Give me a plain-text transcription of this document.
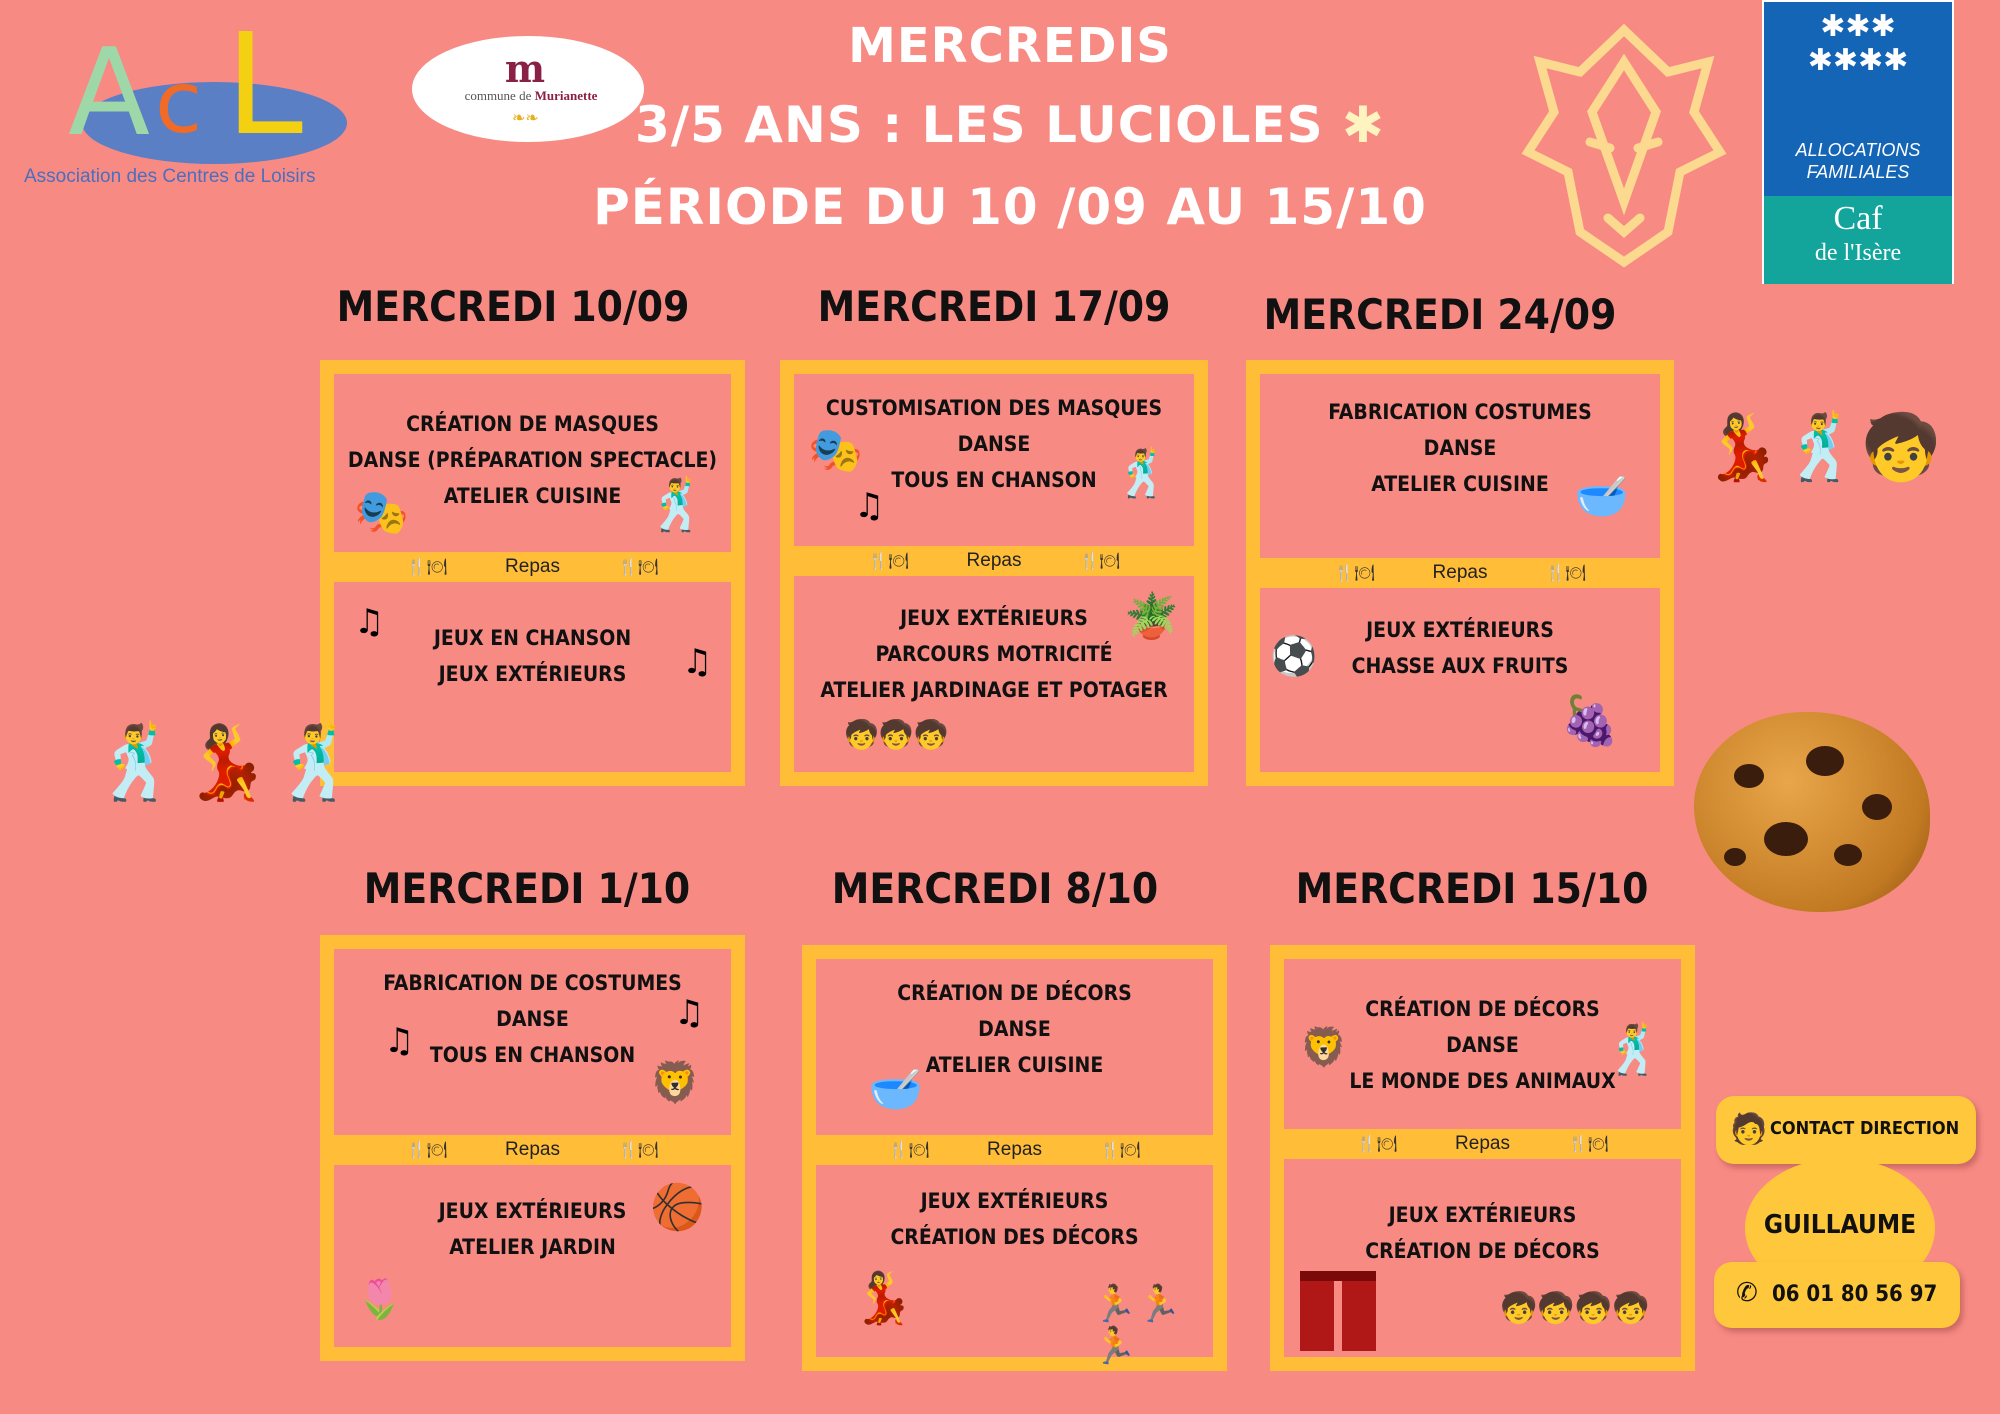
A c L
Association des Centres de Loisirs
m
commune de Murianette
❧❧
✱✱✱
✱✱✱✱
ALLOCATIONS
FAMILIALES
Caf
de l'Isère
MERCREDIS
3/5 ANS : LES LUCIOLES ✱
PÉRIODE DU 10 /09 AU 15/10
MERCREDI 10/09
CRÉATION DE MASQUES
DANSE (PRÉPARATION SPECTACLE)
ATELIER CUISINE
🎭	🕺
🍴🍽	Repas	🍴🍽
JEUX EN CHANSON
JEUX EXTÉRIEURS
♫
♫
MERCREDI 17/09
CUSTOMISATION DES MASQUES
DANSE
TOUS EN CHANSON
🎭
♫
🕺
🍴🍽	Repas	🍴🍽
JEUX EXTÉRIEURS
PARCOURS MOTRICITÉ
ATELIER JARDINAGE ET POTAGER
🪴
🧒🧒🧒
MERCREDI 24/09
FABRICATION COSTUMES
DANSE
ATELIER CUISINE 🥣
🍴🍽	Repas	🍴🍽
JEUX EXTÉRIEURS
CHASSE AUX FRUITS
⚽
🍇
MERCREDI 1/10
FABRICATION DE COSTUMES
DANSE
TOUS EN CHANSON
♫
♫
🦁
🍴🍽	Repas	🍴🍽
JEUX EXTÉRIEURS
ATELIER JARDIN
🏀
🌷
MERCREDI 8/10
CRÉATION DE DÉCORS
DANSE
ATELIER CUISINE
🥣
🍴🍽	Repas	🍴🍽
JEUX EXTÉRIEURS
CRÉATION DES DÉCORS
💃	🏃🏃🏃
MERCREDI 15/10
CRÉATION DE DÉCORS
DANSE
LE MONDE DES ANIMAUX
🦁	🕺
🍴🍽	Repas	🍴🍽
JEUX EXTÉRIEURS
CRÉATION DE DÉCORS
🧒🧒🧒🧒
🕺💃🕺
💃🕺🧒
🧑 CONTACT DIRECTION
GUILLAUME
✆ 06 01 80 56 97
